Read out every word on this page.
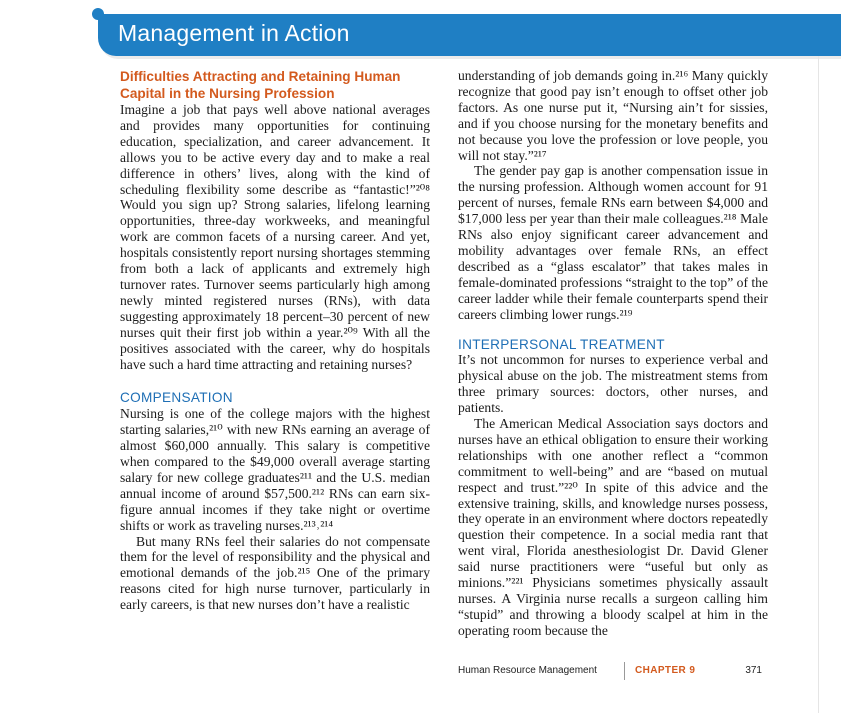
Management in Action

Difficulties Attracting and Retaining Human Capital in the Nursing Profession

Imagine a job that pays well above national averages and provides many opportunities for continuing education, specialization, and career advancement. It allows you to be active every day and to make a real difference in others’ lives, along with the kind of scheduling flexibility some describe as “fantastic!”²⁰⁸ Would you sign up? Strong salaries, lifelong learning opportunities, three-day workweeks, and meaningful work are common facets of a nursing career. And yet, hospitals consistently report nursing shortages stemming from both a lack of applicants and extremely high turnover rates. Turnover seems particularly high among newly minted registered nurses (RNs), with data suggesting approximately 18 percent–30 percent of new nurses quit their first job within a year.²⁰⁹ With all the positives associated with the career, why do hospitals have such a hard time attracting and retaining nurses?

COMPENSATION

Nursing is one of the college majors with the highest starting salaries,²¹⁰ with new RNs earning an average of almost $60,000 annually. This salary is competitive when compared to the $49,000 overall average starting salary for new college graduates²¹¹ and the U.S. median annual income of around $57,500.²¹² RNs can earn six-figure annual incomes if they take night or overtime shifts or work as traveling nurses.²¹³˒²¹⁴

But many RNs feel their salaries do not compensate them for the level of responsibility and the physical and emotional demands of the job.²¹⁵ One of the primary reasons cited for high nurse turnover, particularly in early careers, is that new nurses don’t have a realistic

understanding of job demands going in.²¹⁶ Many quickly recognize that good pay isn’t enough to offset other job factors. As one nurse put it, “Nursing ain’t for sissies, and if you choose nursing for the monetary benefits and not because you love the profession or love people, you will not stay.”²¹⁷

The gender pay gap is another compensation issue in the nursing profession. Although women account for 91 percent of nurses, female RNs earn between $4,000 and $17,000 less per year than their male colleagues.²¹⁸ Male RNs also enjoy significant career advancement and mobility advantages over female RNs, an effect described as a “glass escalator” that takes males in female-dominated professions “straight to the top” of the career ladder while their female counterparts spend their careers climbing lower rungs.²¹⁹

INTERPERSONAL TREATMENT

It’s not uncommon for nurses to experience verbal and physical abuse on the job. The mistreatment stems from three primary sources: doctors, other nurses, and patients.

The American Medical Association says doctors and nurses have an ethical obligation to ensure their working relationships with one another reflect a “common commitment to well-being” and are “based on mutual respect and trust.”²²⁰ In spite of this advice and the extensive training, skills, and knowledge nurses possess, they operate in an environment where doctors repeatedly question their competence. In a social media rant that went viral, Florida anesthesiologist Dr. David Glener said nurse practitioners were “useful but only as minions.”²²¹ Physicians sometimes physically assault nurses. A Virginia nurse recalls a surgeon calling him “stupid” and throwing a bloody scalpel at him in the operating room because the

Human Resource Management	CHAPTER 9	371
